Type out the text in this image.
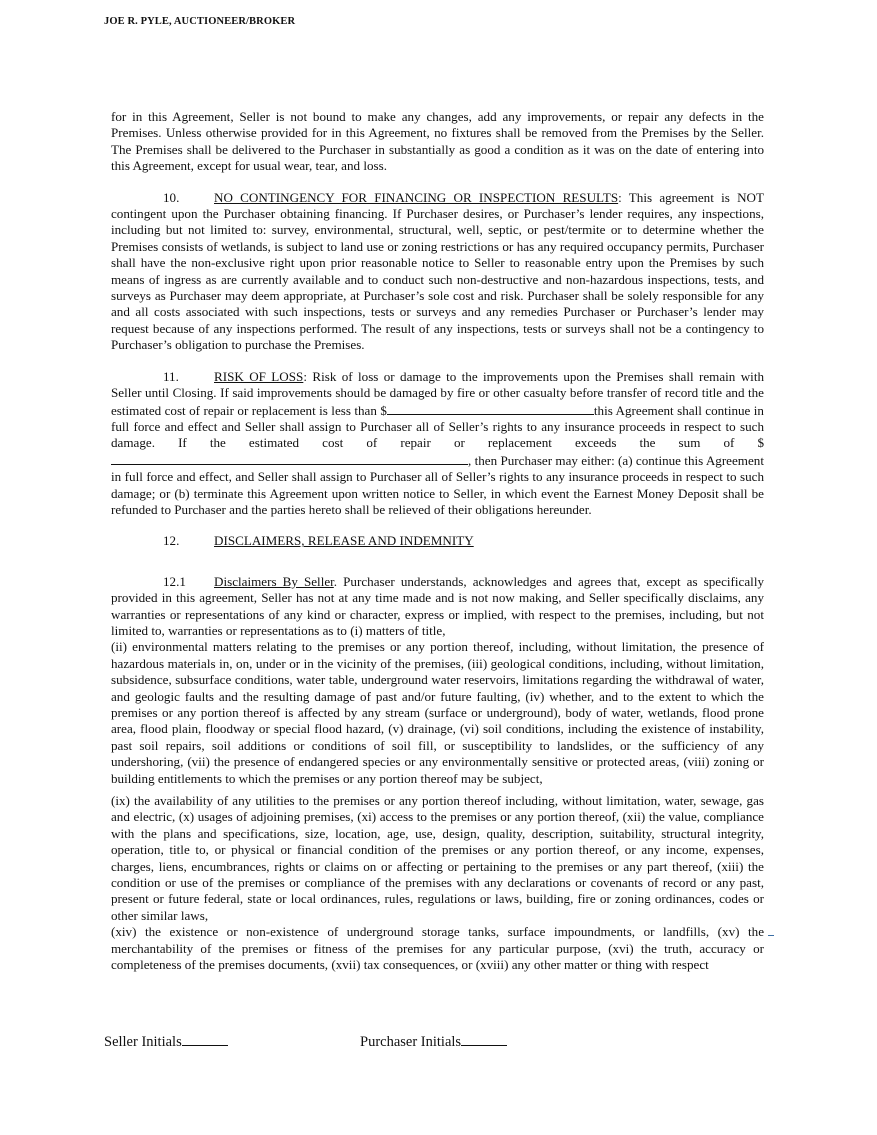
JOE R. PYLE, AUCTIONEER/BROKER

for in this Agreement, Seller is not bound to make any changes, add any improvements, or repair any defects in the Premises. Unless otherwise provided for in this Agreement, no fixtures shall be removed from the Premises by the Seller. The Premises shall be delivered to the Purchaser in substantially as good a condition as it was on the date of entering into this Agreement, except for usual wear, tear, and loss.

10.	NO CONTINGENCY FOR FINANCING OR INSPECTION RESULTS: This agreement is NOT contingent upon the Purchaser obtaining financing. If Purchaser desires, or Purchaser’s lender requires, any inspections, including but not limited to: survey, environmental, structural, well, septic, or pest/termite or to determine whether the Premises consists of wetlands, is subject to land use or zoning restrictions or has any required occupancy permits, Purchaser shall have the non-exclusive right upon prior reasonable notice to Seller to reasonable entry upon the Premises by such means of ingress as are currently available and to conduct such non-destructive and non-hazardous inspections, tests, and surveys as Purchaser may deem appropriate, at Purchaser’s sole cost and risk. Purchaser shall be solely responsible for any and all costs associated with such inspections, tests or surveys and any remedies Purchaser or Purchaser’s lender may request because of any inspections performed. The result of any inspections, tests or surveys shall not be a contingency to Purchaser’s obligation to purchase the Premises.

11.	RISK OF LOSS: Risk of loss or damage to the improvements upon the Premises shall remain with Seller until Closing. If said improvements should be damaged by fire or other casualty before transfer of record title and the estimated cost of repair or replacement is less than $	this Agreement shall continue in full force and effect and Seller shall assign to Purchaser all of Seller’s rights to any insurance proceeds in respect to such damage. If the estimated cost of repair or replacement exceeds the sum of $, then Purchaser may either: (a) continue this Agreement in full force and effect, and Seller shall assign to Purchaser all of Seller’s rights to any insurance proceeds in respect to such damage; or (b) terminate this Agreement upon written notice to Seller, in which event the Earnest Money Deposit shall be refunded to Purchaser and the parties hereto shall be relieved of their obligations hereunder.

12.	DISCLAIMERS, RELEASE AND INDEMNITY

12.1 Disclaimers By Seller. Purchaser understands, acknowledges and agrees that, except as specifically provided in this agreement, Seller has not at any time made and is not now making, and Seller specifically disclaims, any warranties or representations of any kind or character, express or implied, with respect to the premises, including, but not limited to, warranties or representations as to (i) matters of title,

(ii) environmental matters relating to the premises or any portion thereof, including, without limitation, the presence of hazardous materials in, on, under or in the vicinity of the premises, (iii) geological conditions, including, without limitation, subsidence, subsurface conditions, water table, underground water reservoirs, limitations regarding the withdrawal of water, and geologic faults and the resulting damage of past and/or future faulting, (iv) whether, and to the extent to which the premises or any portion thereof is affected by any stream (surface or underground), body of water, wetlands, flood prone area, flood plain, floodway or special flood hazard, (v) drainage, (vi) soil conditions, including the existence of instability, past soil repairs, soil additions or conditions of soil fill, or susceptibility to landslides, or the sufficiency of any undershoring, (vii) the presence of endangered species or any environmentally sensitive or protected areas, (viii) zoning or building entitlements to which the premises or any portion thereof may be subject,

(ix) the availability of any utilities to the premises or any portion thereof including, without limitation, water, sewage, gas and electric, (x) usages of adjoining premises, (xi) access to the premises or any portion thereof, (xii) the value, compliance with the plans and specifications, size, location, age, use, design, quality, description, suitability, structural integrity, operation, title to, or physical or financial condition of the premises or any portion thereof, or any income, expenses, charges, liens, encumbrances, rights or claims on or affecting or pertaining to the premises or any part thereof, (xiii) the condition or use of the premises or compliance of the premises with any declarations or covenants of record or any past, present or future federal, state or local ordinances, rules, regulations or laws, building, fire or zoning ordinances, codes or other similar laws,

(xiv) the existence or non-existence of underground storage tanks, surface impoundments, or landfills, (xv) the merchantability of the premises or fitness of the premises for any particular purpose, (xvi) the truth, accuracy or completeness of the premises documents, (xvii) tax consequences, or (xviii) any other matter or thing with respect

Seller Initials	Purchaser Initials
